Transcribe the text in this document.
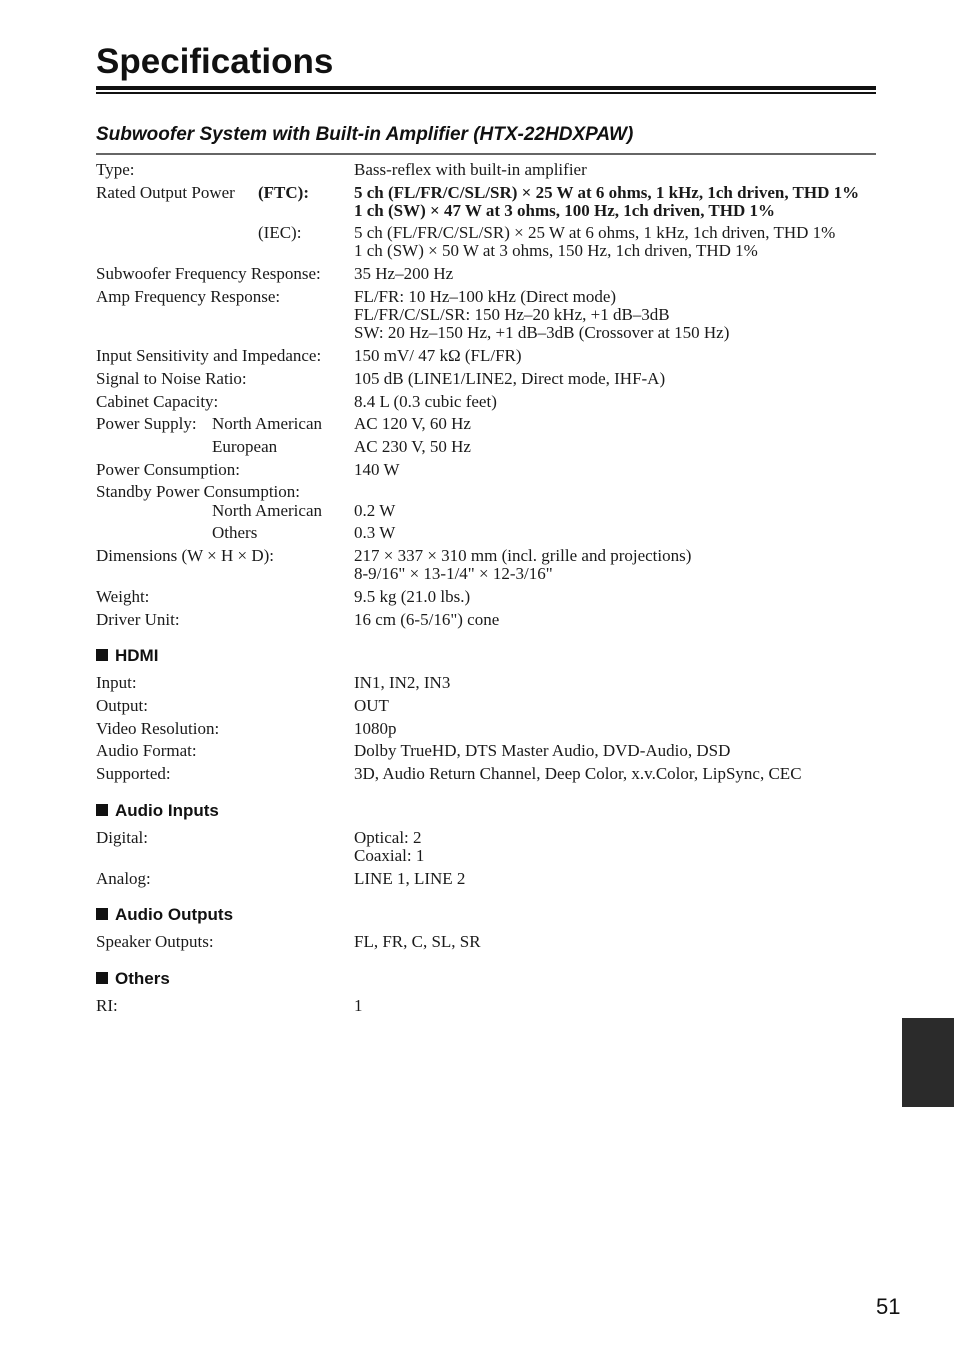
Specifications
Subwoofer System with Built-in Amplifier (HTX-22HDXPAW)
Type:	Bass-reflex with built-in amplifier
Rated Output Power (FTC):	5 ch (FL/FR/C/SL/SR) × 25 W at 6 ohms, 1 kHz, 1ch driven, THD 1%
1 ch (SW) × 47 W at 3 ohms, 100 Hz, 1ch driven, THD 1%
(IEC):	5 ch (FL/FR/C/SL/SR) × 25 W at 6 ohms, 1 kHz, 1ch driven, THD 1%
1 ch (SW) × 50 W at 3 ohms, 150 Hz, 1ch driven, THD 1%
Subwoofer Frequency Response: 35 Hz–200 Hz
Amp Frequency Response:	FL/FR: 10 Hz–100 kHz (Direct mode)
FL/FR/C/SL/SR: 150 Hz–20 kHz, +1 dB–3dB
SW: 20 Hz–150 Hz, +1 dB–3dB (Crossover at 150 Hz)
Input Sensitivity and Impedance: 150 mV/ 47 kΩ (FL/FR)
Signal to Noise Ratio:	105 dB (LINE1/LINE2, Direct mode, IHF-A)
Cabinet Capacity:	8.4 L (0.3 cubic feet)
Power Supply: North American AC 120 V, 60 Hz
European	AC 230 V, 50 Hz
Power Consumption:	140 W
Standby Power Consumption:
North American 0.2 W
Others	0.3 W
Dimensions (W × H × D):	217 × 337 × 310 mm (incl. grille and projections)
8-9/16" × 13-1/4" × 12-3/16"
Weight:	9.5 kg (21.0 lbs.)
Driver Unit:	16 cm (6-5/16") cone
HDMI
Input:	IN1, IN2, IN3
Output:	OUT
Video Resolution:	1080p
Audio Format:	Dolby TrueHD, DTS Master Audio, DVD-Audio, DSD
Supported:	3D, Audio Return Channel, Deep Color, x.v.Color, LipSync, CEC
Audio Inputs
Digital:	Optical: 2
Coaxial: 1
Analog:	LINE 1, LINE 2
Audio Outputs
Speaker Outputs:	FL, FR, C, SL, SR
Others
RI:	1
51
